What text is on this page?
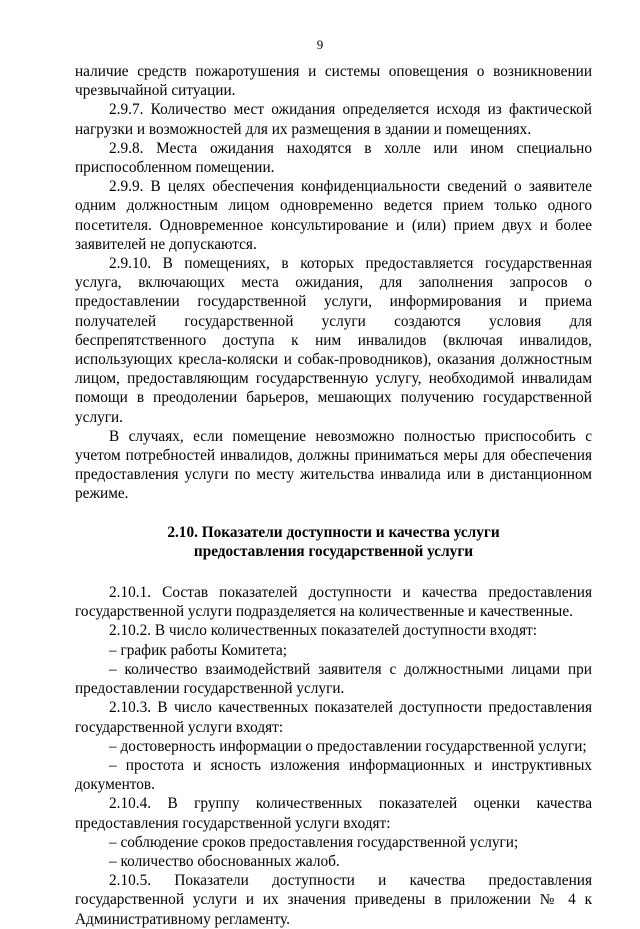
9

наличие средств пожаротушения и системы оповещения о возникновении чрезвычайной ситуации.

2.9.7. Количество мест ожидания определяется исходя из фактической нагрузки и возможностей для их размещения в здании и помещениях.

2.9.8. Места ожидания находятся в холле или ином специально приспособленном помещении.

2.9.9. В целях обеспечения конфиденциальности сведений о заявителе одним должностным лицом одновременно ведется прием только одного посетителя. Одновременное консультирование и (или) прием двух и более заявителей не допускаются.

2.9.10. В помещениях, в которых предоставляется государственная услуга, включающих места ожидания, для заполнения запросов о предоставлении государственной услуги, информирования и приема получателей государственной услуги создаются условия для беспрепятственного доступа к ним инвалидов (включая инвалидов, использующих кресла-коляски и собак-проводников), оказания должностным лицом, предоставляющим государственную услугу, необходимой инвалидам помощи в преодолении барьеров, мешающих получению государственной

услуги.

В случаях, если помещение невозможно полностью приспособить с учетом потребностей инвалидов, должны приниматься меры для обеспечения предоставления услуги по месту жительства инвалида или в дистанционном режиме.

2.10. Показатели доступности и качества услуги

предоставления государственной услуги

2.10.1. Состав показателей доступности и качества предоставления государственной услуги подразделяется на количественные и качественные.

2.10.2. В число количественных показателей доступности входят:

– график работы Комитета;

– количество взаимодействий заявителя с должностными лицами при предоставлении государственной услуги.

2.10.3. В число качественных показателей доступности предоставления государственной услуги входят:

– достоверность информации о предоставлении государственной услуги;

– простота и ясность изложения информационных и инструктивных документов.

2.10.4. В группу количественных показателей оценки качества предоставления государственной услуги входят:

– соблюдение сроков предоставления государственной услуги;

– количество обоснованных жалоб.

2.10.5. Показатели доступности и качества предоставления государственной услуги и их значения приведены в приложении № 4 к Административному регламенту.
